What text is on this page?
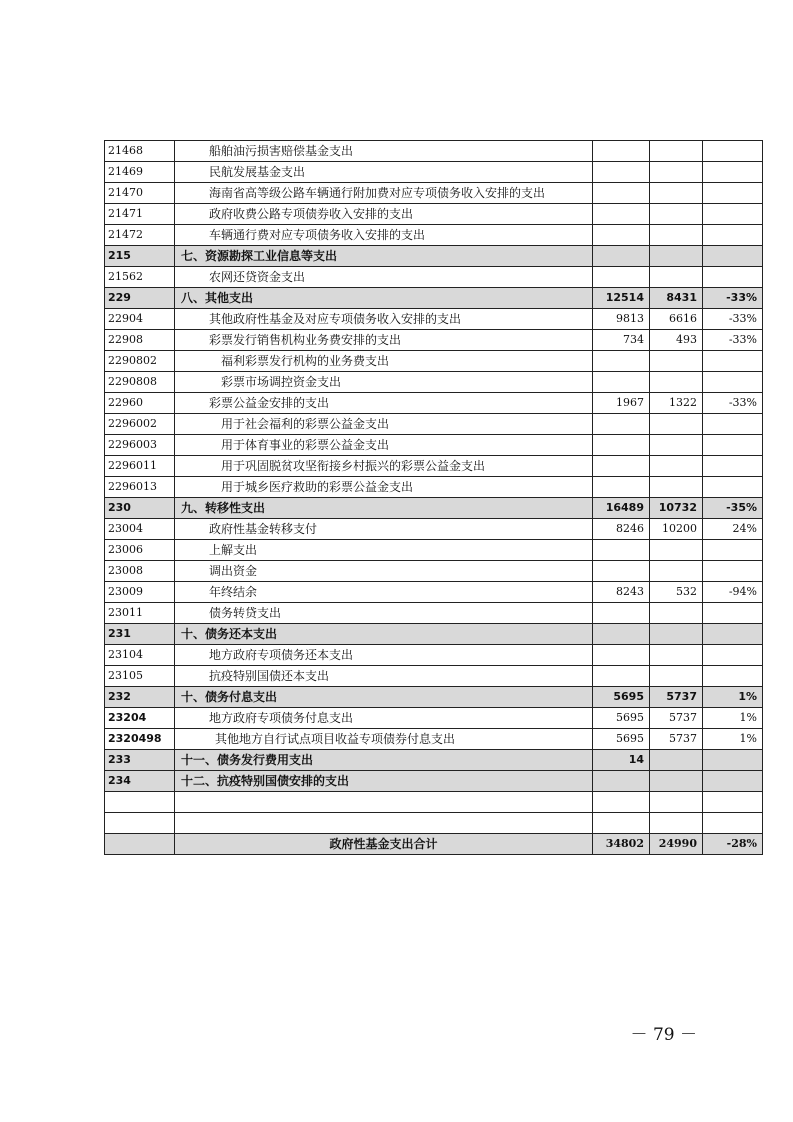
21468	船舶油污损害赔偿基金支出			
21469	民航发展基金支出			
21470	海南省高等级公路车辆通行附加费对应专项债务收入安排的支出			
21471	政府收费公路专项债券收入安排的支出			
21472	车辆通行费对应专项债务收入安排的支出			
215	七、资源勘探工业信息等支出			
21562	农网还贷资金支出			
229	八、其他支出	12514	8431	-33%
22904	其他政府性基金及对应专项债务收入安排的支出	9813	6616	-33%
22908	彩票发行销售机构业务费安排的支出	734	493	-33%
2290802	福利彩票发行机构的业务费支出			
2290808	彩票市场调控资金支出			
22960	彩票公益金安排的支出	1967	1322	-33%
2296002	用于社会福利的彩票公益金支出			
2296003	用于体育事业的彩票公益金支出			
2296011	用于巩固脱贫攻坚衔接乡村振兴的彩票公益金支出			
2296013	用于城乡医疗救助的彩票公益金支出			
230	九、转移性支出	16489	10732	-35%
23004	政府性基金转移支付	8246	10200	24%
23006	上解支出			
23008	调出资金			
23009	年终结余	8243	532	-94%
23011	债务转贷支出			
231	十、债务还本支出			
23104	地方政府专项债务还本支出			
23105	抗疫特别国债还本支出			
232	十、债务付息支出	5695	5737	1%
23204	地方政府专项债务付息支出	5695	5737	1%
2320498	其他地方自行试点项目收益专项债券付息支出	5695	5737	1%
233	十一、债务发行费用支出	14		
234	十二、抗疫特别国债安排的支出			

	政府性基金支出合计	34802	24990	-28%
－ 79 －
